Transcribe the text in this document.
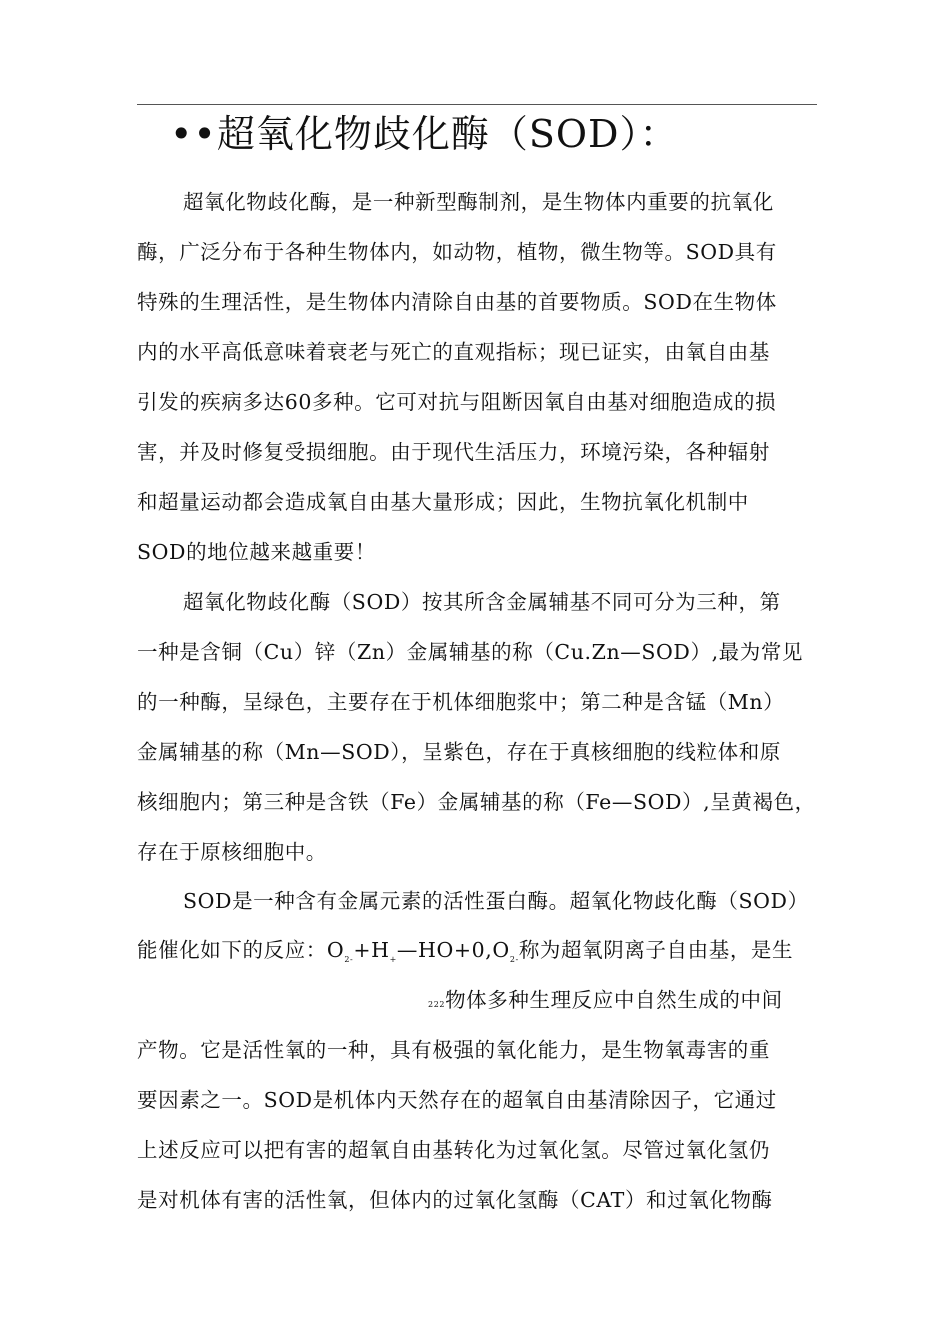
••超氧化物歧化酶（SOD）：
超氧化物歧化酶，是一种新型酶制剂，是生物体内重要的抗氧化
酶，广泛分布于各种生物体内，如动物，植物，微生物等。SOD具有
特殊的生理活性，是生物体内清除自由基的首要物质。SOD在生物体
内的水平高低意味着衰老与死亡的直观指标；现已证实，由氧自由基
引发的疾病多达60多种。它可对抗与阻断因氧自由基对细胞造成的损
害，并及时修复受损细胞。由于现代生活压力，环境污染，各种辐射
和超量运动都会造成氧自由基大量形成；因此，生物抗氧化机制中
SOD的地位越来越重要！
超氧化物歧化酶（SOD）按其所含金属辅基不同可分为三种，第
一种是含铜（Cu）锌（Zn）金属辅基的称（Cu.Zn—SOD）,最为常见
的一种酶，呈绿色，主要存在于机体细胞浆中；第二种是含锰（Mn）
金属辅基的称（Mn—SOD），呈紫色，存在于真核细胞的线粒体和原
核细胞内；第三种是含铁（Fe）金属辅基的称（Fe—SOD）,呈黄褐色，
存在于原核细胞中。
SOD是一种含有金属元素的活性蛋白酶。超氧化物歧化酶（SOD）
能催化如下的反应：$O_{2-}+H_+—HO+0,O_{2-}$称为超氧阴离子自由基，是生
222物体多种生理反应中自然生成的中间
产物。它是活性氧的一种，具有极强的氧化能力，是生物氧毒害的重
要因素之一。SOD是机体内天然存在的超氧自由基清除因子，它通过
上述反应可以把有害的超氧自由基转化为过氧化氢。尽管过氧化氢仍
是对机体有害的活性氧，但体内的过氧化氢酶（CAT）和过氧化物酶
